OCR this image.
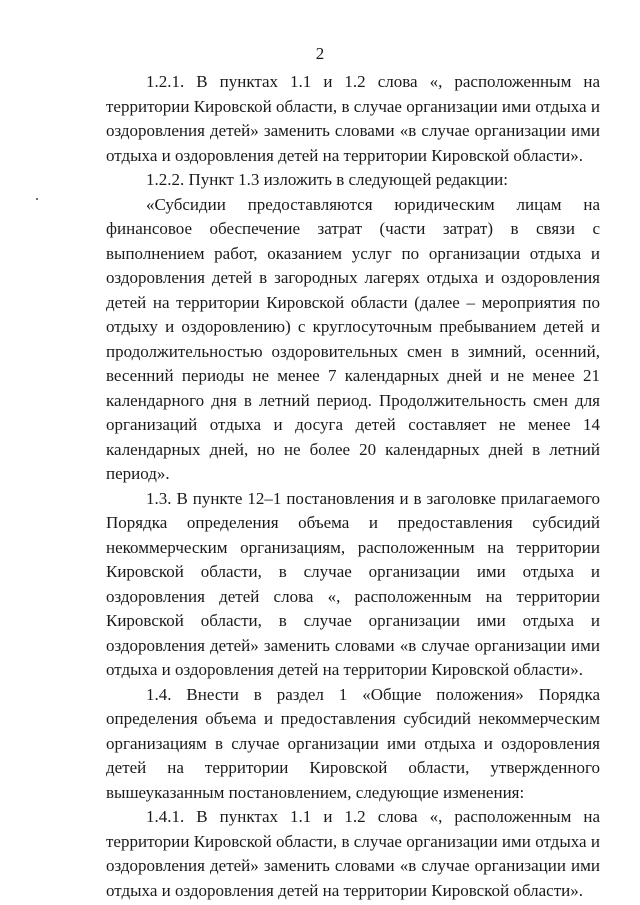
2

1.2.1. В пунктах 1.1 и 1.2 слова «, расположенным на территории Кировской области, в случае организации ими отдыха и оздоровления детей» заменить словами «в случае организации ими отдыха и оздоровления детей на территории Кировской области».

1.2.2. Пункт 1.3 изложить в следующей редакции:

«Субсидии предоставляются юридическим лицам на финансовое обеспечение затрат (части затрат) в связи с выполнением работ, оказанием услуг по организации отдыха и оздоровления детей в загородных лагерях отдыха и оздоровления детей на территории Кировской области (далее – мероприятия по отдыху и оздоровлению) с круглосуточным пребыванием детей и продолжительностью оздоровительных смен в зимний, осенний, весенний периоды не менее 7 календарных дней и не менее 21 календарного дня в летний период. Продолжительность смен для организаций отдыха и досуга детей составляет не менее 14 календарных дней, но не более 20 календарных дней в летний период».

1.3. В пункте 12–1 постановления и в заголовке прилагаемого Порядка определения объема и предоставления субсидий некоммерческим организациям, расположенным на территории Кировской области, в случае организации ими отдыха и оздоровления детей слова «, расположенным на территории Кировской области, в случае организации ими отдыха и оздоровления детей» заменить словами «в случае организации ими отдыха и оздоровления детей на территории Кировской области».

1.4. Внести в раздел 1 «Общие положения» Порядка определения объема и предоставления субсидий некоммерческим организациям в случае организации ими отдыха и оздоровления детей на территории Кировской области, утвержденного вышеуказанным постановлением, следующие изменения:

1.4.1. В пунктах 1.1 и 1.2 слова «, расположенным на территории Кировской области, в случае организации ими отдыха и оздоровления детей» заменить словами «в случае организации ими отдыха и оздоровления детей на территории Кировской области».
